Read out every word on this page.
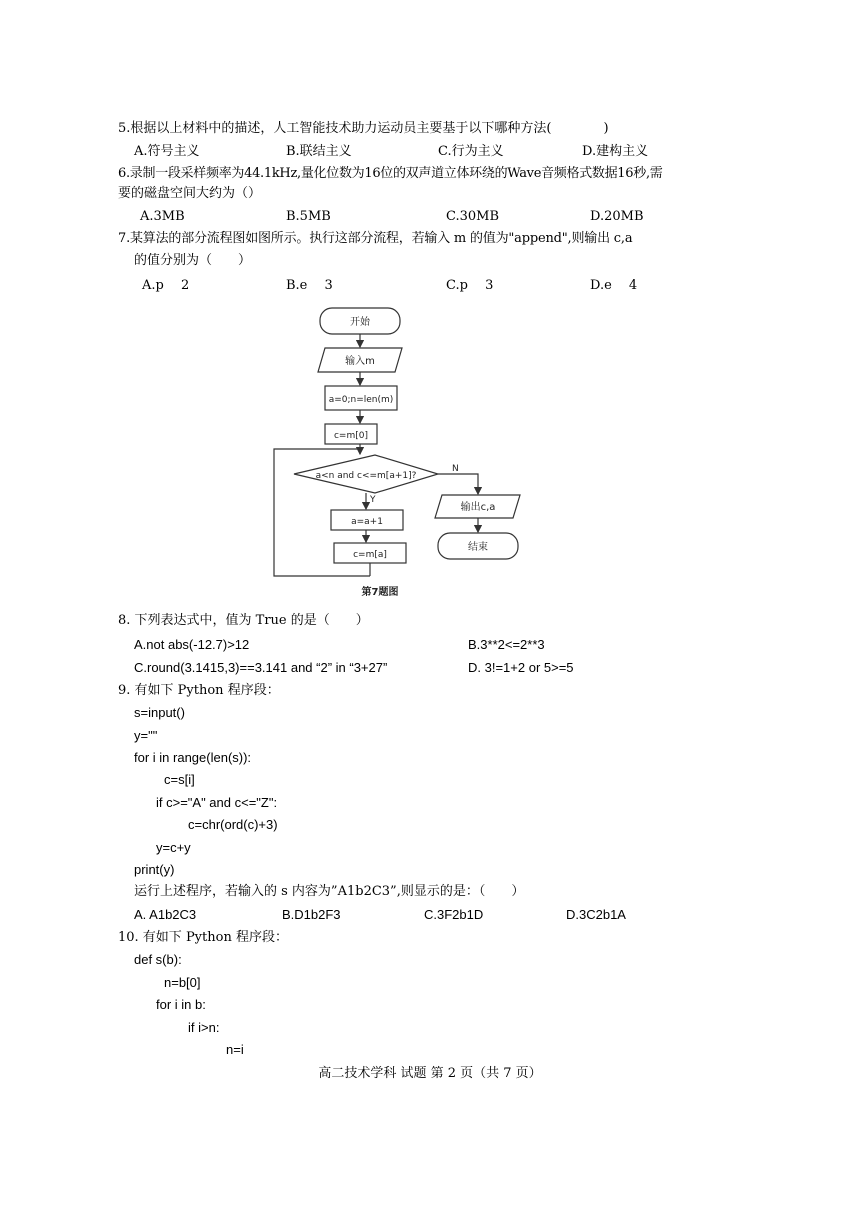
5.根据以上材料中的描述，人工智能技术助力运动员主要基于以下哪种方法(　　　　)
A.符号主义	B.联结主义	C.行为主义	D.建构主义
6.录制一段采样频率为44.1kHz,量化位数为16位的双声道立体环绕的Wave音频格式数据16秒,需
要的磁盘空间大约为（）
A.3MB	B.5MB	C.30MB	D.20MB
7.某算法的部分流程图如图所示。执行这部分流程，若输入 m 的值为"append",则输出 c,a
的值分别为（　　）
A.p　 2	B.e　 3	C.p　 3	D.e　 4
开始
输入m
a=0;n=len(m)
c=m[0]
a<n and c<=m[a+1]?
N
Y
a=a+1
c=m[a]
输出c,a
结束
第7题图
8. 下列表达式中，值为 True 的是（　　）
A.not abs(-12.7)>12	B.3**2<=2**3
C.round(3.1415,3)==3.141 and “2” in “3+27”	D. 3!=1+2 or 5>=5
9. 有如下 Python 程序段：
s=input()
y=""
for i in range(len(s)):
c=s[i]
if c>="A" and c<="Z":
c=chr(ord(c)+3)
y=c+y
print(y)
运行上述程序，若输入的 s 内容为”A1b2C3”,则显示的是：（　　）
A. A1b2C3	B.D1b2F3	C.3F2b1D	D.3C2b1A
10. 有如下 Python 程序段：
def s(b):
n=b[0]
for i in b:
if i>n:
n=i
高二技术学科 试题 第 2 页（共 7 页）
